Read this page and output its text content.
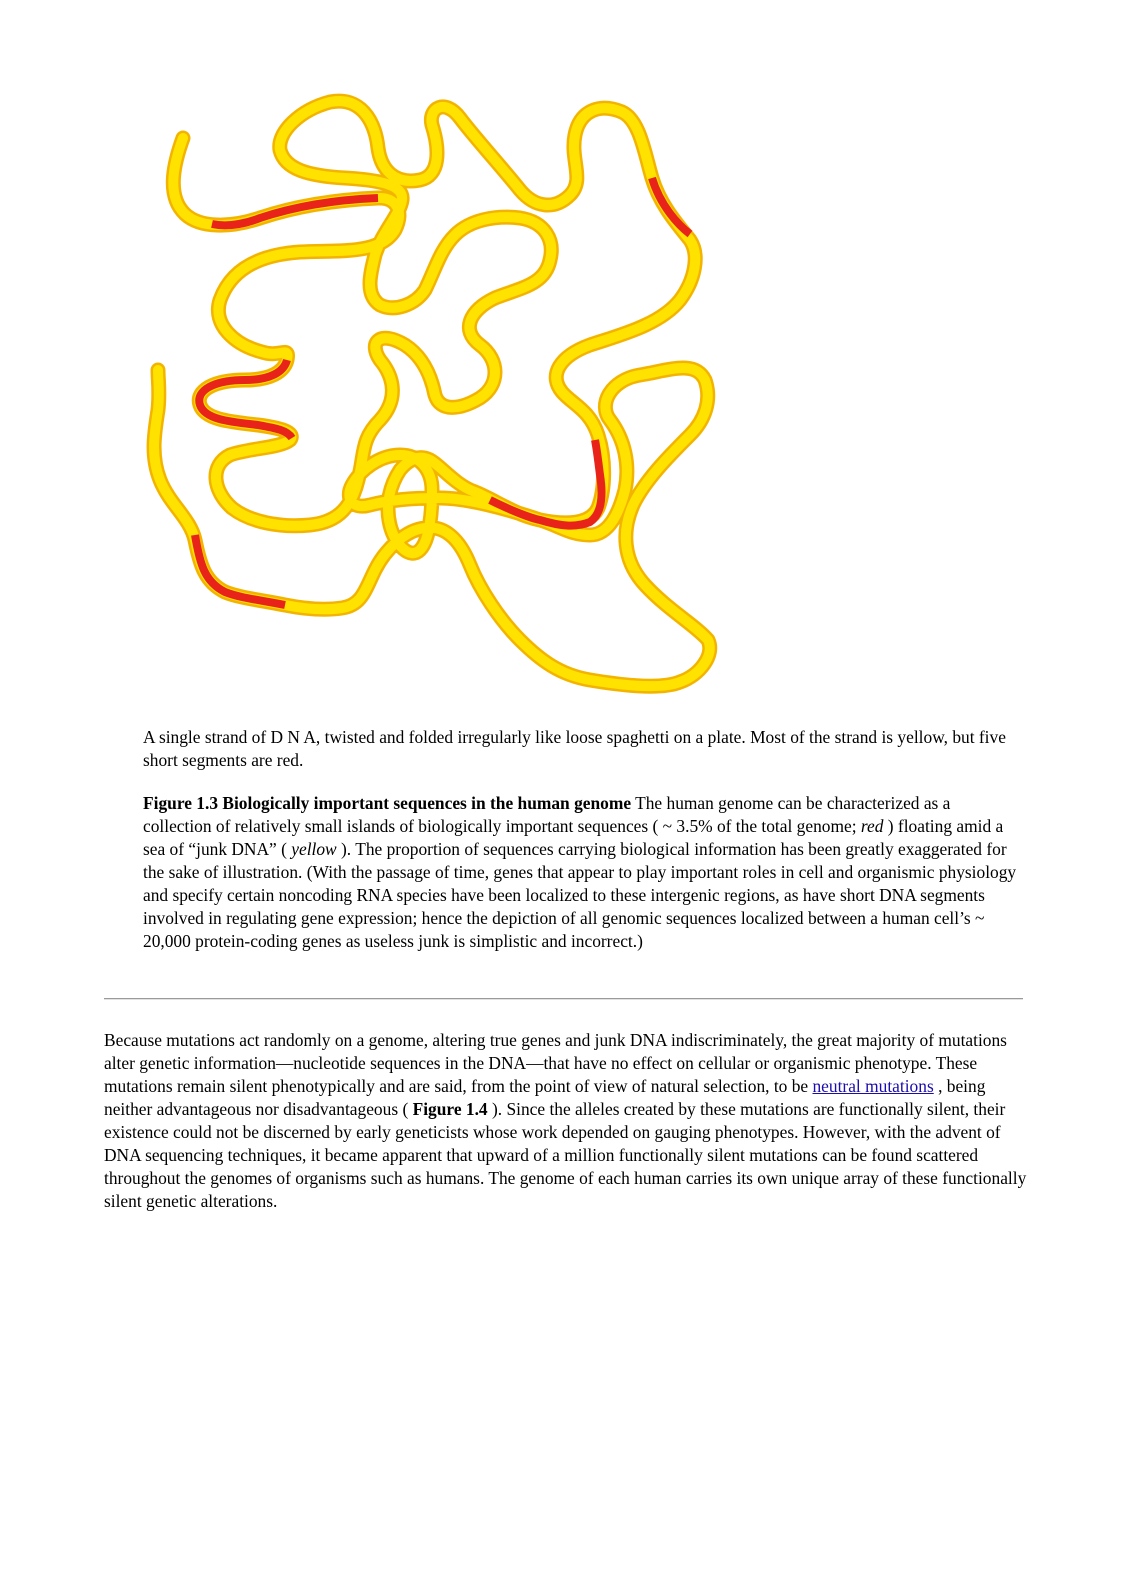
A single strand of D N A, twisted and folded irregularly like loose spaghetti on a plate. Most of the strand is yellow, but five short segments are red.
Figure 1.3 Biologically important sequences in the human genome The human genome can be characterized as a collection of relatively small islands of biologically important sequences ( ~ 3.5% of the total genome; red ) floating amid a sea of “junk DNA” ( yellow ). The proportion of sequences carrying biological information has been greatly exaggerated for the sake of illustration. (With the passage of time, genes that appear to play important roles in cell and organismic physiology and specify certain noncoding RNA species have been localized to these intergenic regions, as have short DNA segments involved in regulating gene expression; hence the depiction of all genomic sequences localized between a human cell’s ~ 20,000 protein-coding genes as useless junk is simplistic and incorrect.)
Because mutations act randomly on a genome, altering true genes and junk DNA indiscriminately, the great majority of mutations alter genetic information—nucleotide sequences in the DNA—that have no effect on cellular or organismic phenotype. These mutations remain silent phenotypically and are said, from the point of view of natural selection, to be neutral mutations , being neither advantageous nor disadvantageous ( Figure 1.4 ). Since the alleles created by these mutations are functionally silent, their existence could not be discerned by early geneticists whose work depended on gauging phenotypes. However, with the advent of DNA sequencing techniques, it became apparent that upward of a million functionally silent mutations can be found scattered throughout the genomes of organisms such as humans. The genome of each human carries its own unique array of these functionally silent genetic alterations.
